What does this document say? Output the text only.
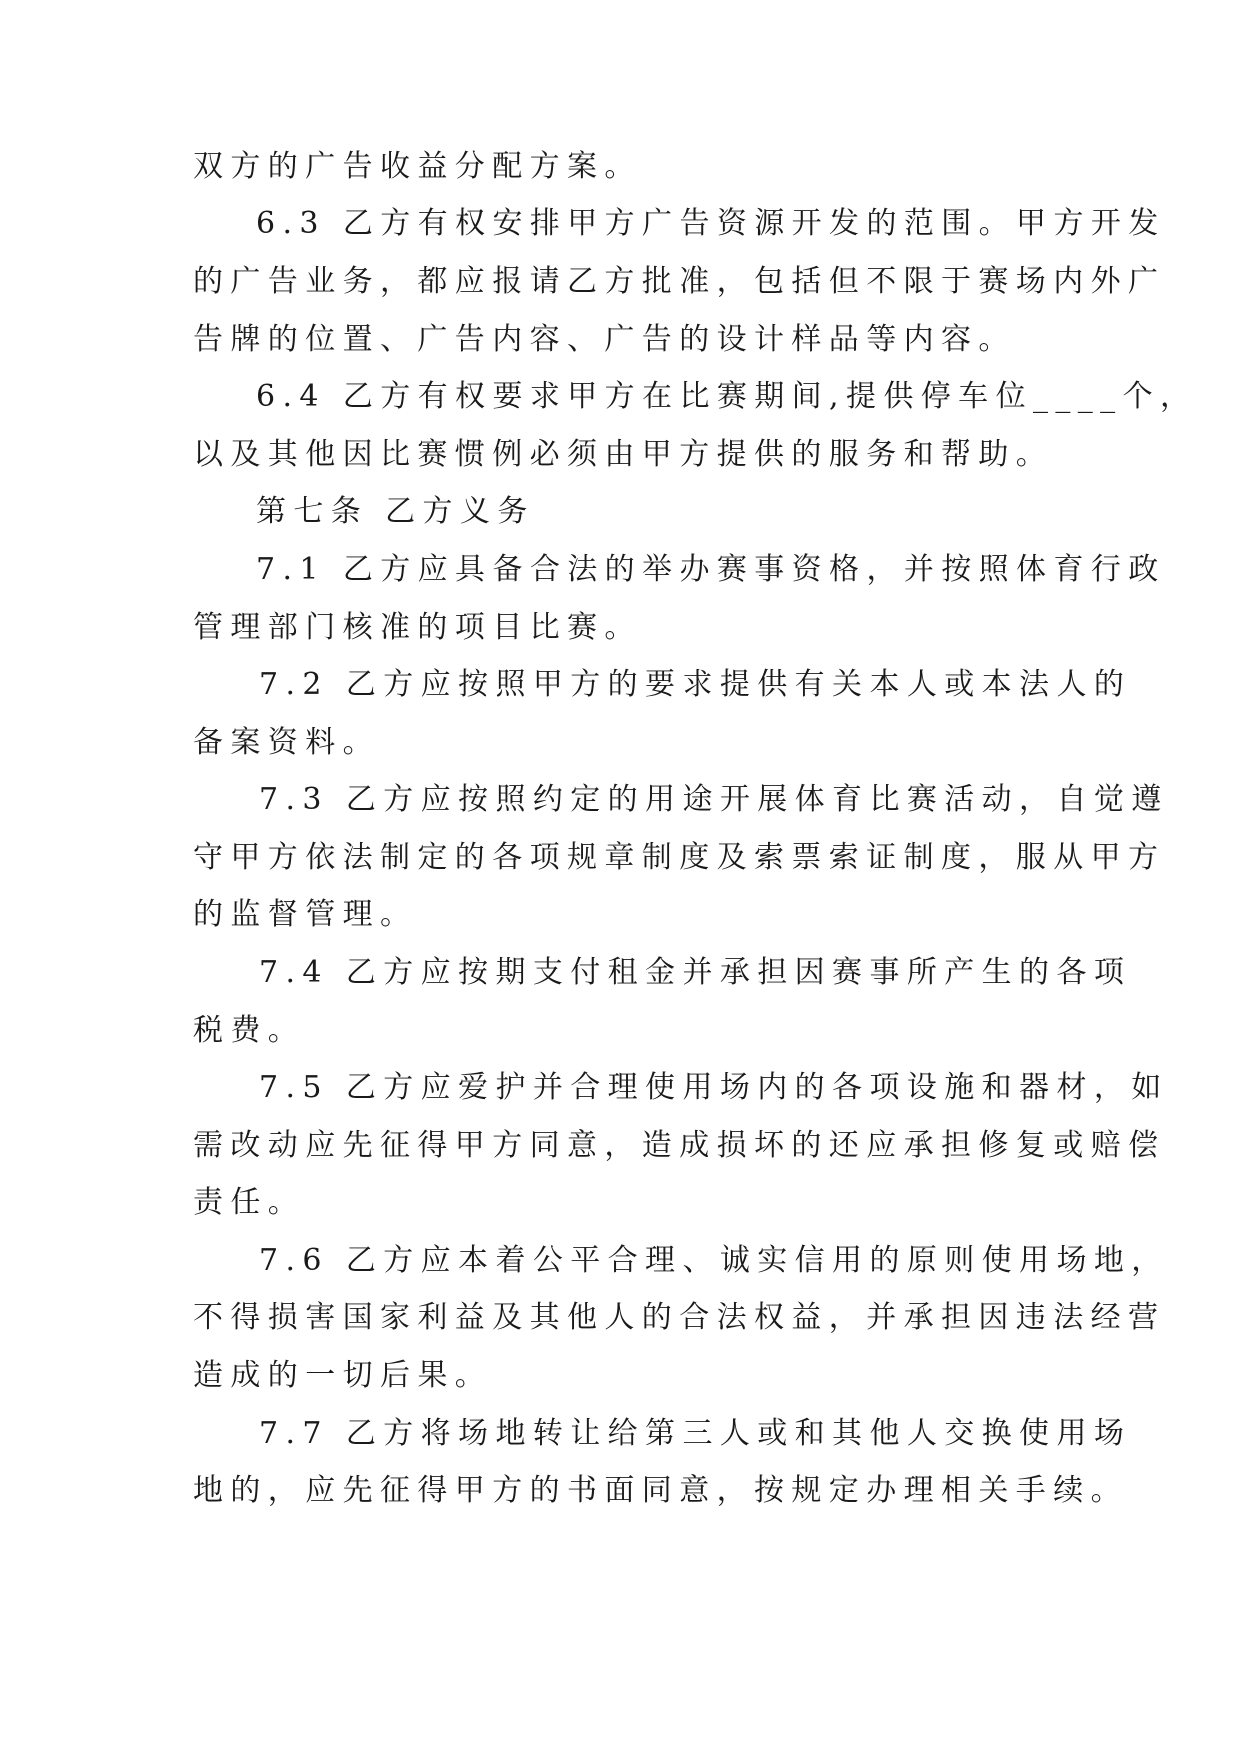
双方的广告收益分配方案。
6.3 乙方有权安排甲方广告资源开发的范围。甲方开发
的广告业务，都应报请乙方批准，包括但不限于赛场内外广
告牌的位置、广告内容、广告的设计样品等内容。
6.4 乙方有权要求甲方在比赛期间,提供停车位____个，
以及其他因比赛惯例必须由甲方提供的服务和帮助。
第七条 乙方义务
7.1 乙方应具备合法的举办赛事资格，并按照体育行政
管理部门核准的项目比赛。
7.2 乙方应按照甲方的要求提供有关本人或本法人的
备案资料。
7.3 乙方应按照约定的用途开展体育比赛活动，自觉遵
守甲方依法制定的各项规章制度及索票索证制度，服从甲方
的监督管理。
7.4 乙方应按期支付租金并承担因赛事所产生的各项
税费。
7.5 乙方应爱护并合理使用场内的各项设施和器材，如
需改动应先征得甲方同意，造成损坏的还应承担修复或赔偿
责任。
7.6 乙方应本着公平合理、诚实信用的原则使用场地，
不得损害国家利益及其他人的合法权益，并承担因违法经营
造成的一切后果。
7.7 乙方将场地转让给第三人或和其他人交换使用场
地的，应先征得甲方的书面同意，按规定办理相关手续。
